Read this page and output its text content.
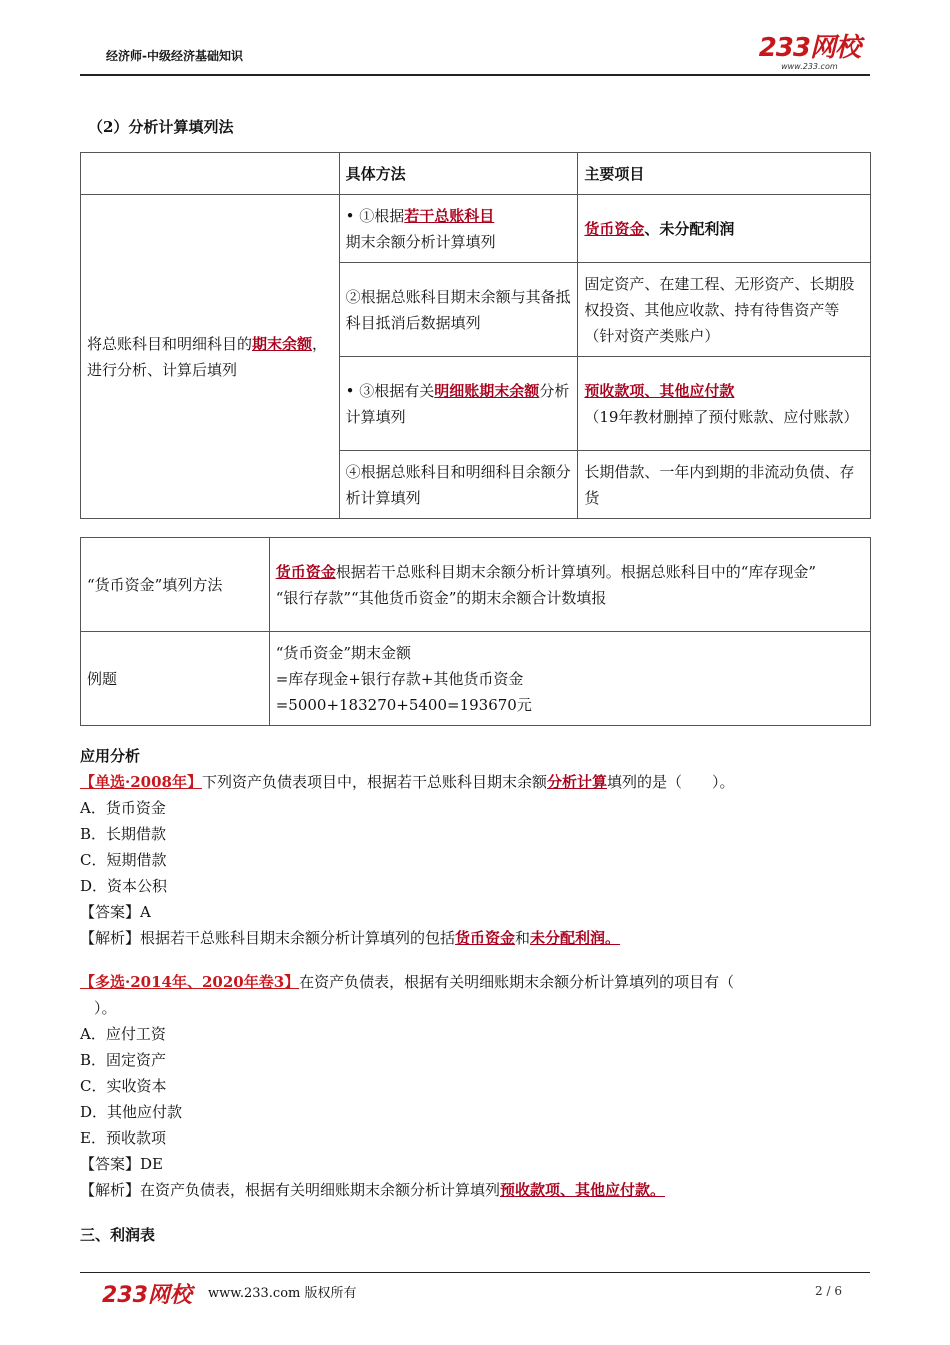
经济师-中级经济基础知识	233网校
www.233.com
（2）分析计算填列法
	具体方法	主要项目
将总账科目和明细科目的期末余额，进行分析、计算后填列	• ①根据若干总账科目
期末余额分析计算填列	货币资金、未分配利润
	②根据总账科目期末余额与其备抵科目抵消后数据填列	固定资产、在建工程、无形资产、长期股权投资、其他应收款、持有待售资产等（针对资产类账户）
	• ③根据有关明细账期末余额分析计算填列	预收款项、其他应付款
（19年教材删掉了预付账款、应付账款）
	④根据总账科目和明细科目余额分析计算填列	长期借款、一年内到期的非流动负债、存货
“货币资金”填列方法	货币资金根据若干总账科目期末余额分析计算填列。根据总账科目中的“库存现金”
“银行存款”“其他货币资金”的期末余额合计数填报
例题	“货币资金”期末金额
=库存现金+银行存款+其他货币资金
=5000+183270+5400=193670元
应用分析
【单选·2008年】下列资产负债表项目中，根据若干总账科目期末余额分析计算填列的是（　　）。
A．货币资金
B．长期借款
C．短期借款
D．资本公积
【答案】A
【解析】根据若干总账科目期末余额分析计算填列的包括货币资金和未分配利润。
【多选·2014年、2020年卷3】在资产负债表，根据有关明细账期末余额分析计算填列的项目有（
）。
A．应付工资
B．固定资产
C．实收资本
D．其他应付款
E．预收款项
【答案】DE
【解析】在资产负债表，根据有关明细账期末余额分析计算填列预收款项、其他应付款。
三、利润表
233网校 www.233.com 版权所有	2 / 6
